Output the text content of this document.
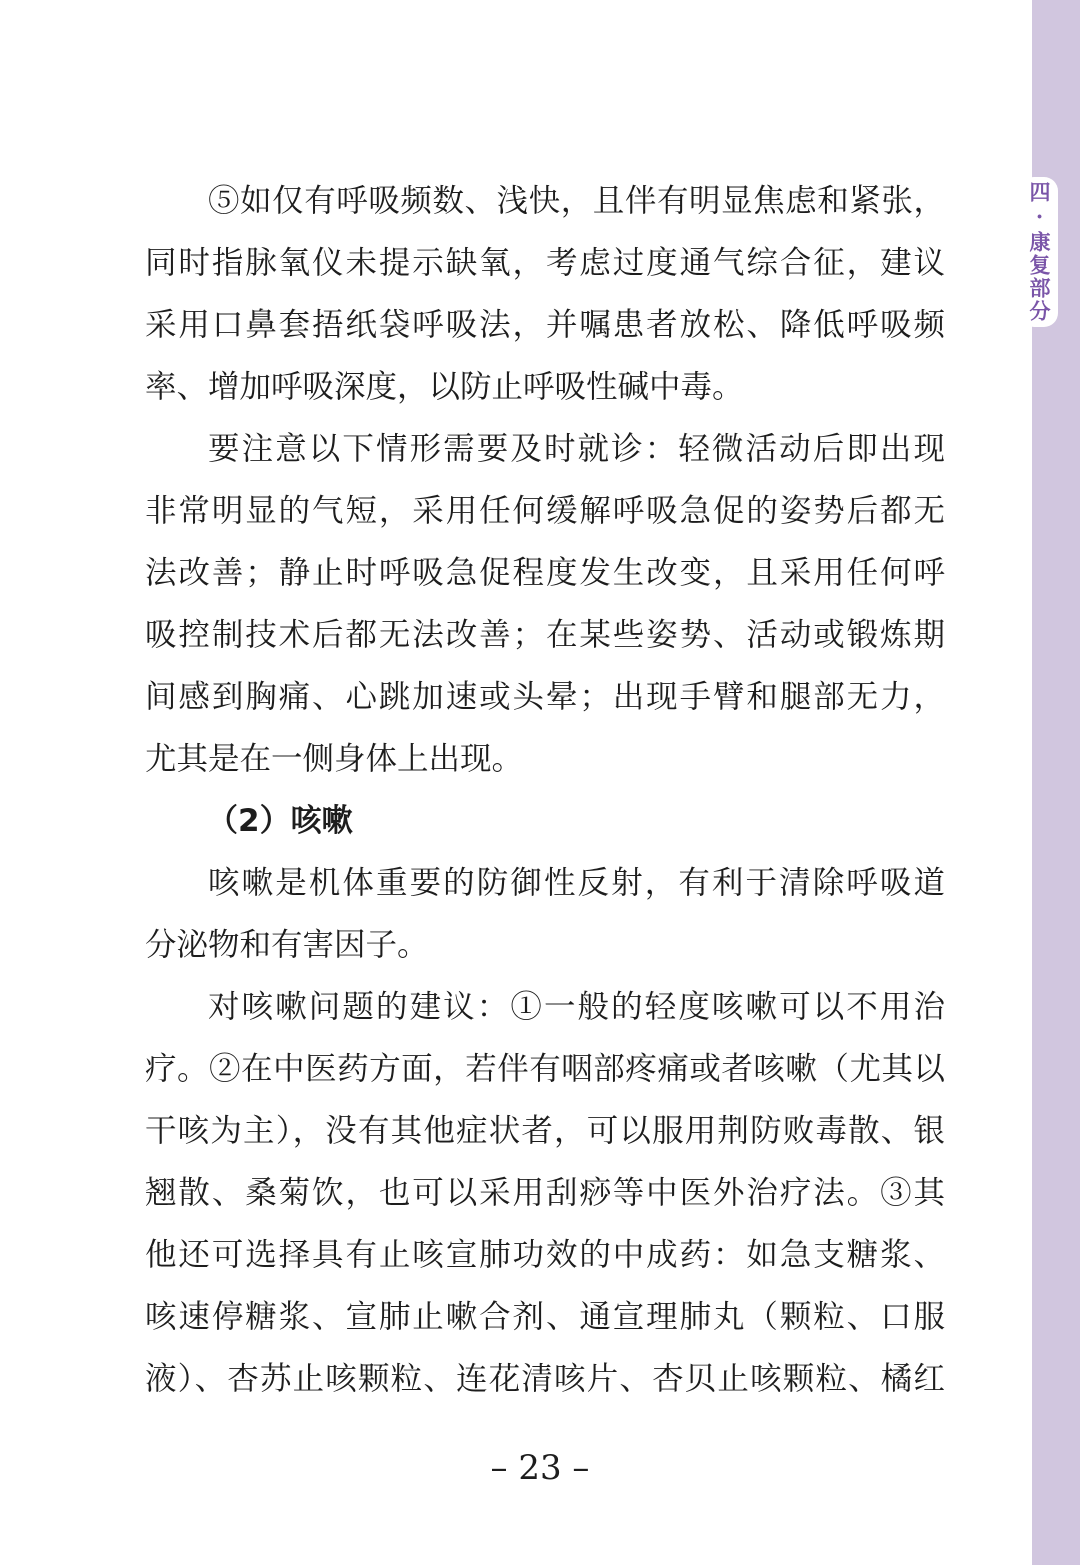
⑤如仅有呼吸频数、浅快，且伴有明显焦虑和紧张，
同时指脉氧仪未提示缺氧，考虑过度通气综合征，建议
采用口鼻套捂纸袋呼吸法，并嘱患者放松、降低呼吸频
率、增加呼吸深度，以防止呼吸性碱中毒。
要注意以下情形需要及时就诊：轻微活动后即出现
非常明显的气短，采用任何缓解呼吸急促的姿势后都无
法改善；静止时呼吸急促程度发生改变，且采用任何呼
吸控制技术后都无法改善；在某些姿势、活动或锻炼期
间感到胸痛、心跳加速或头晕；出现手臂和腿部无力，
尤其是在一侧身体上出现。
（2）咳嗽
咳嗽是机体重要的防御性反射，有利于清除呼吸道
分泌物和有害因子。
对咳嗽问题的建议：①一般的轻度咳嗽可以不用治
疗。②在中医药方面，若伴有咽部疼痛或者咳嗽（尤其以
干咳为主），没有其他症状者，可以服用荆防败毒散、银
翘散、桑菊饮，也可以采用刮痧等中医外治疗法。③其
他还可选择具有止咳宣肺功效的中成药：如急支糖浆、
咳速停糖浆、宣肺止嗽合剂、通宣理肺丸（颗粒、口服
液）、杏苏止咳颗粒、连花清咳片、杏贝止咳颗粒、橘红
四·康复部分
– 23 –
